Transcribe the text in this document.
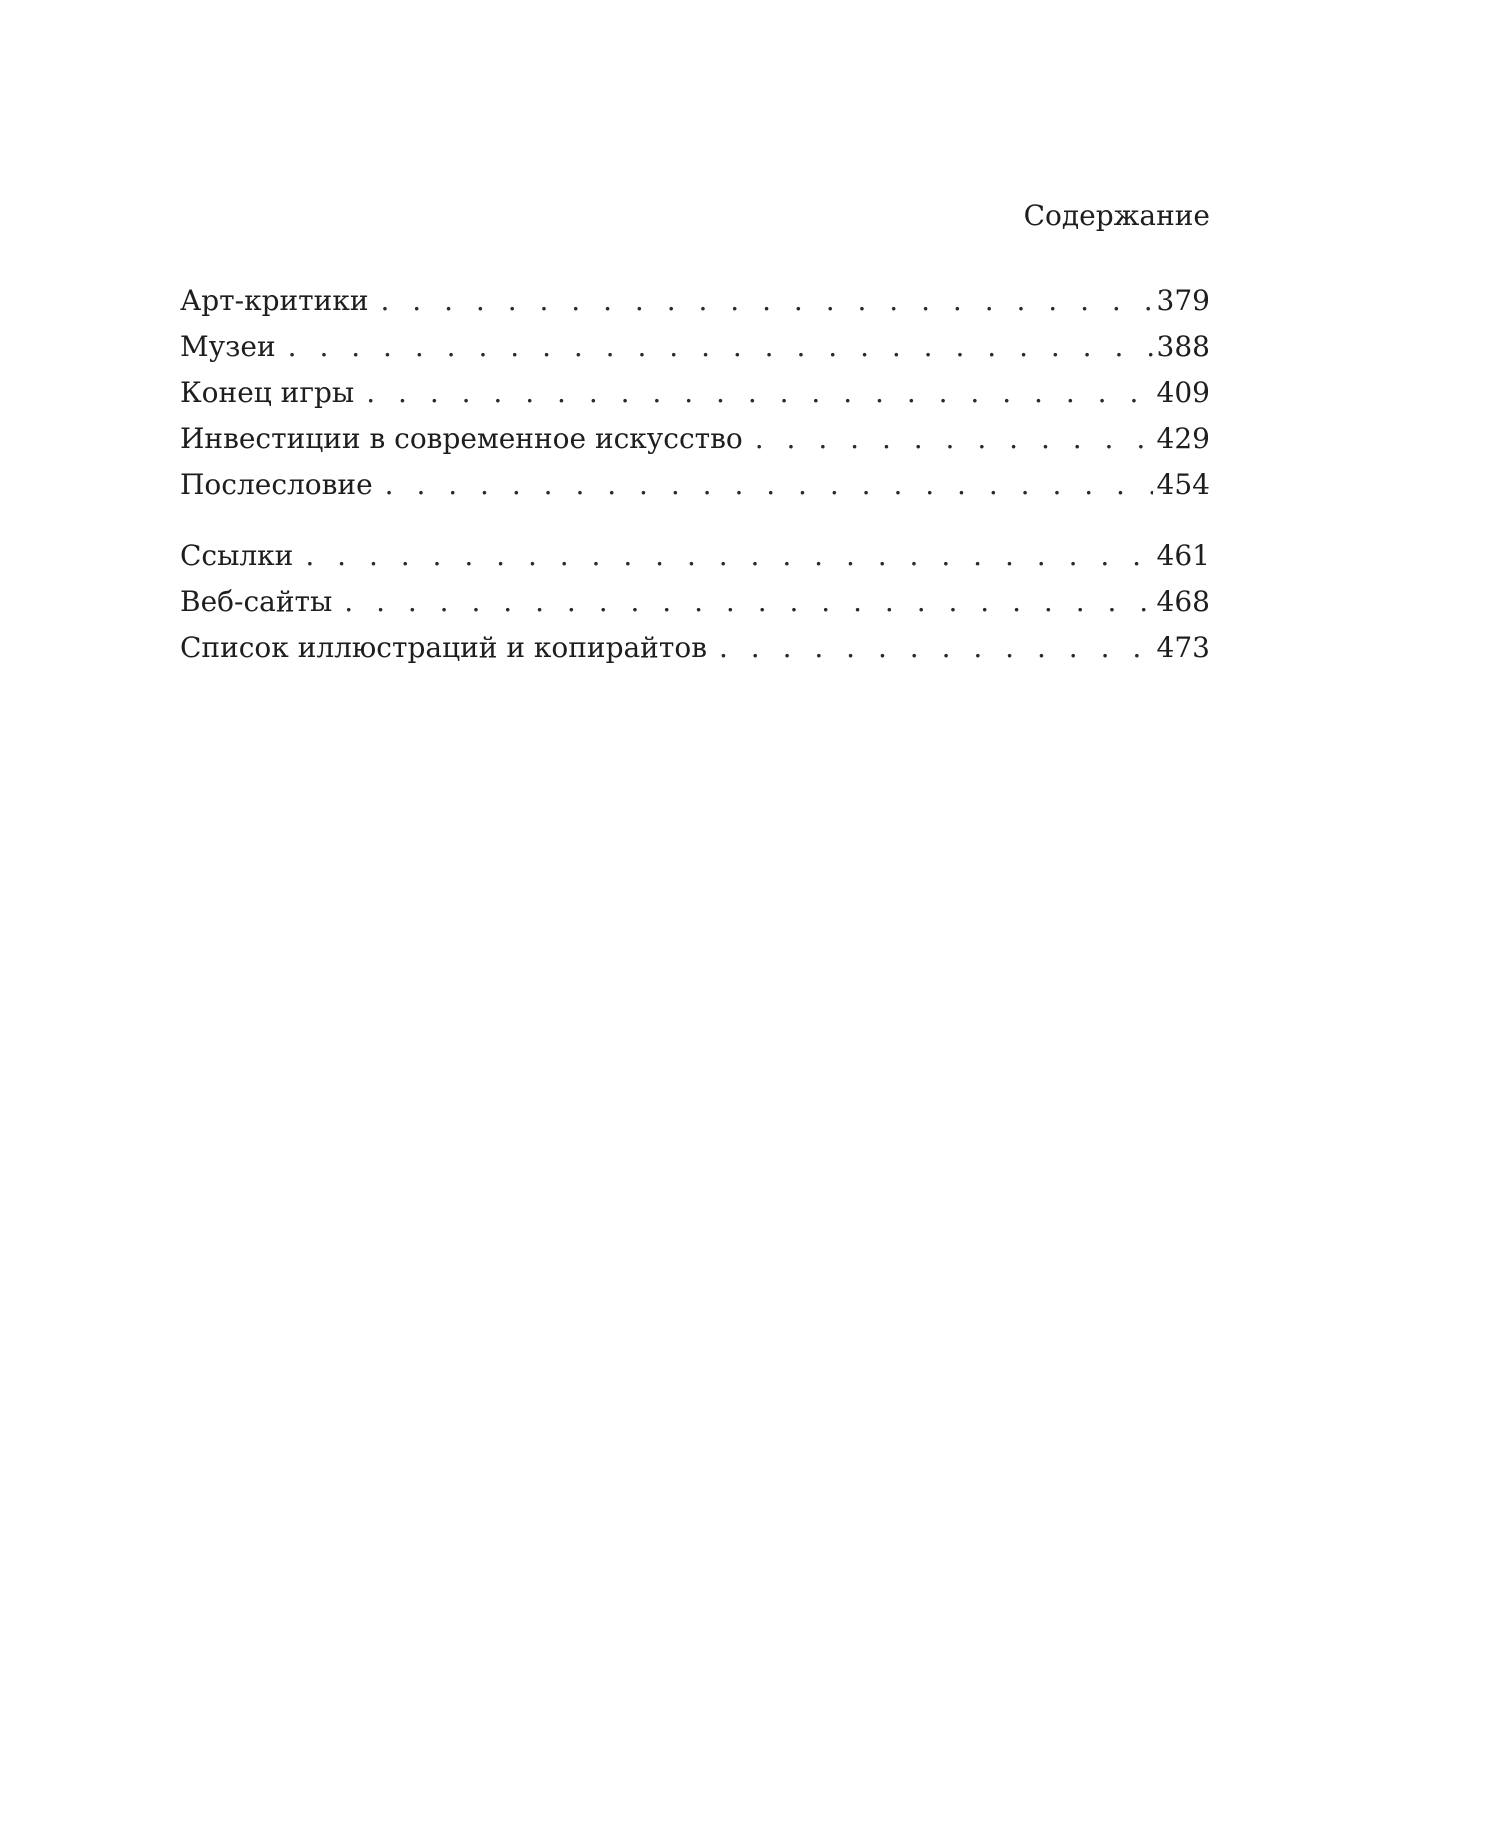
Содержание
Арт-критики . . .	379
Музеи . . .	388
Конец игры . . .	409
Инвестиции в современное искусство . . .	429
Послесловие . . .	454
Ссылки . . .	461
Веб-сайты . . .	468
Список иллюстраций и копирайтов . . .	473
